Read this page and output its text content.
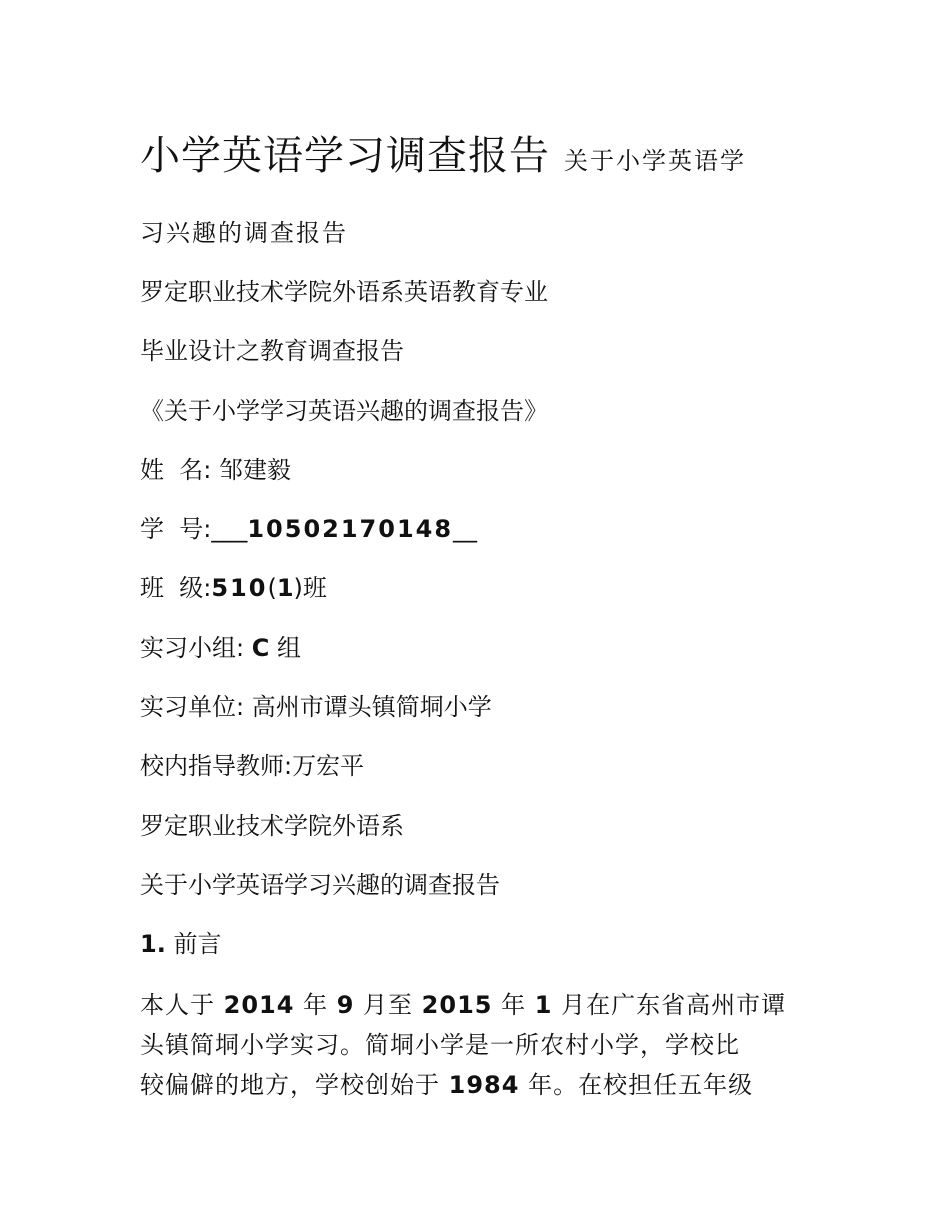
小学英语学习调查报告 关于小学英语学
习兴趣的调查报告
罗定职业技术学院外语系英语教育专业
毕业设计之教育调查报告
《关于小学学习英语兴趣的调查报告》
姓  名: 邹建毅
学  号:___10502170148__
班  级:510(1)班
实习小组: C 组
实习单位: 高州市谭头镇简垌小学
校内指导教师:万宏平
罗定职业技术学院外语系
关于小学英语学习兴趣的调查报告
1. 前言
本人于 2014 年 9 月至 2015 年 1 月在广东省高州市谭
头镇简垌小学实习。简垌小学是一所农村小学，学校比
较偏僻的地方，学校创始于 1984 年。在校担任五年级
